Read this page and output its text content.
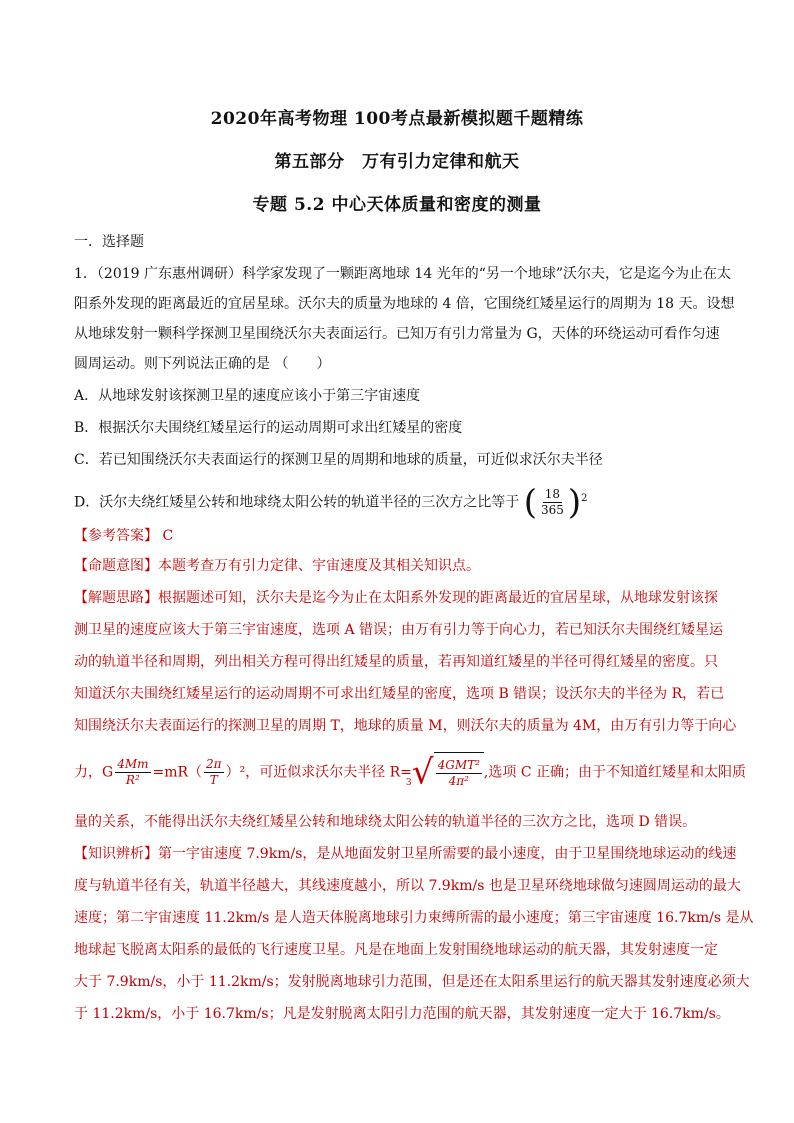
2020年高考物理 100考点最新模拟题千题精练
第五部分　万有引力定律和航天
专题 5.2 中心天体质量和密度的测量
一．选择题
1．（2019 广东惠州调研）科学家发现了一颗距离地球 14 光年的“另一个地球”沃尔夫，它是迄今为止在太
阳系外发现的距离最近的宜居星球。沃尔夫的质量为地球的 4 倍，它围绕红矮星运行的周期为 18 天。设想
从地球发射一颗科学探测卫星围绕沃尔夫表面运行。已知万有引力常量为 G，天体的环绕运动可看作匀速
圆周运动。则下列说法正确的是 （　　）
A．从地球发射该探测卫星的速度应该小于第三宇宙速度
B．根据沃尔夫围绕红矮星运行的运动周期可求出红矮星的密度
C．若已知围绕沃尔夫表面运行的探测卫星的周期和地球的质量，可近似求沃尔夫半径
D．沃尔夫绕红矮星公转和地球绕太阳公转的轨道半径的三次方之比等于 ( $\frac{18}{365} )^2$
【参考答案】 C
【命题意图】本题考查万有引力定律、宇宙速度及其相关知识点。
【解题思路】根据题述可知，沃尔夫是迄今为止在太阳系外发现的距离最近的宜居星球，从地球发射该探
测卫星的速度应该大于第三宇宙速度，选项 A 错误；由万有引力等于向心力，若已知沃尔夫围绕红矮星运
动的轨道半径和周期，列出相关方程可得出红矮星的质量，若再知道红矮星的半径可得红矮星的密度。只
知道沃尔夫围绕红矮星运行的运动周期不可求出红矮星的密度，选项 B 错误；设沃尔夫的半径为 R，若已
知围绕沃尔夫表面运行的探测卫星的周期 T，地球的质量 M，则沃尔夫的质量为 4M，由万有引力等于向心
力，G $\frac{4Mm}{\text{R²}} =mR( \frac{2\pi}{T} )^2$，可近似求沃尔夫半径 R=
3 √ $\frac{\text{4GMT²}}{\text{4π²}}$ ,选项 C 正确；由于不知道红矮星和太阳质
量的关系，不能得出沃尔夫绕红矮星公转和地球绕太阳公转的轨道半径的三次方之比，选项 D 错误。
【知识辨析】第一宇宙速度 7.9km/s，是从地面发射卫星所需要的最小速度，由于卫星围绕地球运动的线速
度与轨道半径有关，轨道半径越大，其线速度越小，所以 7.9km/s 也是卫星环绕地球做匀速圆周运动的最大
速度；第二宇宙速度 11.2km/s 是人造天体脱离地球引力束缚所需的最小速度；第三宇宙速度 16.7km/s 是从
地球起飞脱离太阳系的最低的飞行速度卫星。凡是在地面上发射围绕地球运动的航天器，其发射速度一定
大于 7.9km/s，小于 11.2km/s；发射脱离地球引力范围，但是还在太阳系里运行的航天器其发射速度必须大
于 11.2km/s，小于 16.7km/s；凡是发射脱离太阳引力范围的航天器，其发射速度一定大于 16.7km/s。
